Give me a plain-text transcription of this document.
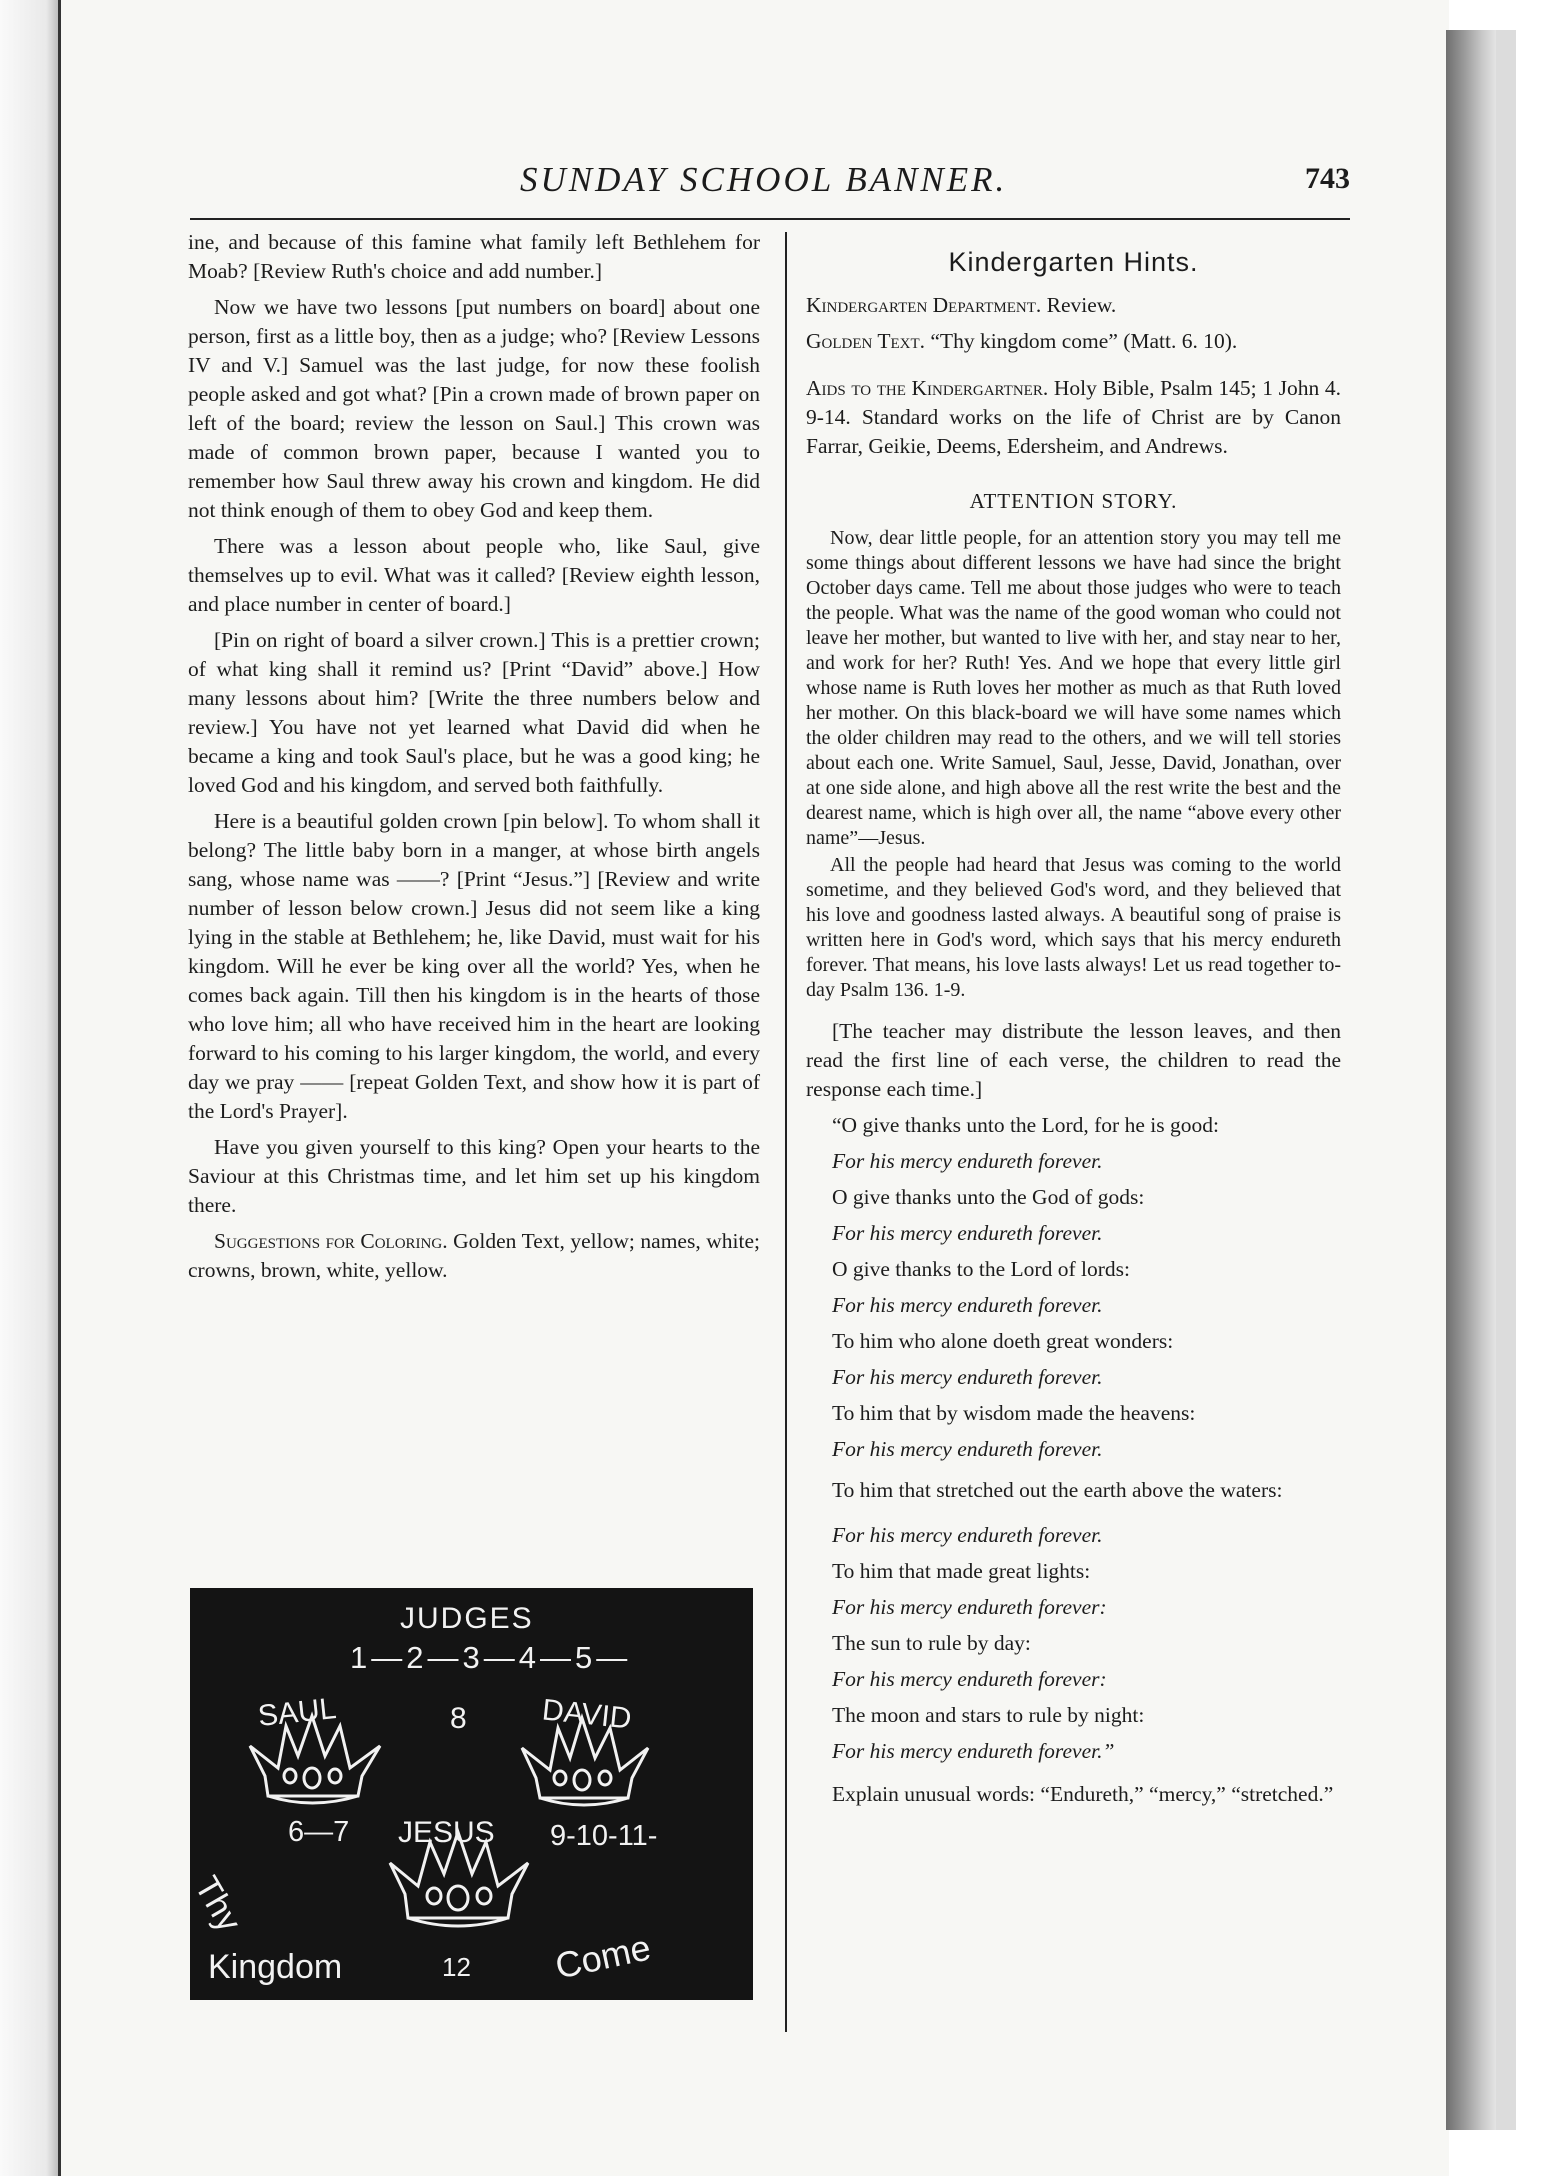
SUNDAY SCHOOL BANNER.	743

ine, and because of this famine what family left Bethlehem for Moab? [Review Ruth's choice and add number.]

Now we have two lessons [put numbers on board] about one person, first as a little boy, then as a judge; who? [Review Lessons IV and V.] Samuel was the last judge, for now these foolish people asked and got what? [Pin a crown made of brown paper on left of the board; review the lesson on Saul.] This crown was made of common brown paper, because I wanted you to remember how Saul threw away his crown and kingdom. He did not think enough of them to obey God and keep them.

There was a lesson about people who, like Saul, give themselves up to evil. What was it called? [Review eighth lesson, and place number in center of board.]

[Pin on right of board a silver crown.] This is a prettier crown; of what king shall it remind us? [Print “David” above.] How many lessons about him? [Write the three numbers below and review.] You have not yet learned what David did when he became a king and took Saul's place, but he was a good king; he loved God and his kingdom, and served both faithfully.

Here is a beautiful golden crown [pin below]. To whom shall it belong? The little baby born in a manger, at whose birth angels sang, whose name was ——? [Print “Jesus.”] [Review and write number of lesson below crown.] Jesus did not seem like a king lying in the stable at Bethlehem; he, like David, must wait for his kingdom. Will he ever be king over all the world? Yes, when he comes back again. Till then his kingdom is in the hearts of those who love him; all who have received him in the heart are looking forward to his coming to his larger kingdom, the world, and every day we pray —— [repeat Golden Text, and show how it is part of the Lord's Prayer].

Have you given yourself to this king? Open your hearts to the Saviour at this Christmas time, and let him set up his kingdom there.

Suggestions for Coloring. Golden Text, yellow; names, white; crowns, brown, white, yellow.

JUDGES
1—2—3—4—5—
SAUL	8 DAVID
6—7 JESUS 9-10-11-
Thy
Kingdom	12 Come
Kindergarten Hints.

Kindergarten Department. Review.

Golden Text. “Thy kingdom come” (Matt. 6. 10).

Aids to the Kindergartner. Holy Bible, Psalm 145; 1 John 4. 9-14. Standard works on the life of Christ are by Canon Farrar, Geikie, Deems, Edersheim, and Andrews.

ATTENTION STORY.

Now, dear little people, for an attention story you may tell me some things about different lessons we have had since the bright October days came. Tell me about those judges who were to teach the people. What was the name of the good woman who could not leave her mother, but wanted to live with her, and stay near to her, and work for her? Ruth! Yes. And we hope that every little girl whose name is Ruth loves her mother as much as that Ruth loved her mother. On this black-board we will have some names which the older children may read to the others, and we will tell stories about each one. Write Samuel, Saul, Jesse, David, Jonathan, over at one side alone, and high above all the rest write the best and the dearest name, which is high over all, the name “above every other name”—Jesus.

All the people had heard that Jesus was coming to the world sometime, and they believed God's word, and they believed that his love and goodness lasted always. A beautiful song of praise is written here in God's word, which says that his mercy endureth forever. That means, his love lasts always! Let us read together to-day Psalm 136. 1-9.

[The teacher may distribute the lesson leaves, and then read the first line of each verse, the children to read the response each time.]

“O give thanks unto the Lord, for he is good:

For his mercy endureth forever.

O give thanks unto the God of gods:

For his mercy endureth forever.

O give thanks to the Lord of lords:

For his mercy endureth forever.

To him who alone doeth great wonders:

For his mercy endureth forever.

To him that by wisdom made the heavens:

For his mercy endureth forever.

To him that stretched out the earth above the waters:

For his mercy endureth forever.

To him that made great lights:

For his mercy endureth forever:

The sun to rule by day:

For his mercy endureth forever:

The moon and stars to rule by night:

For his mercy endureth forever.”

Explain unusual words: “Endureth,” “mercy,” “stretched.”
